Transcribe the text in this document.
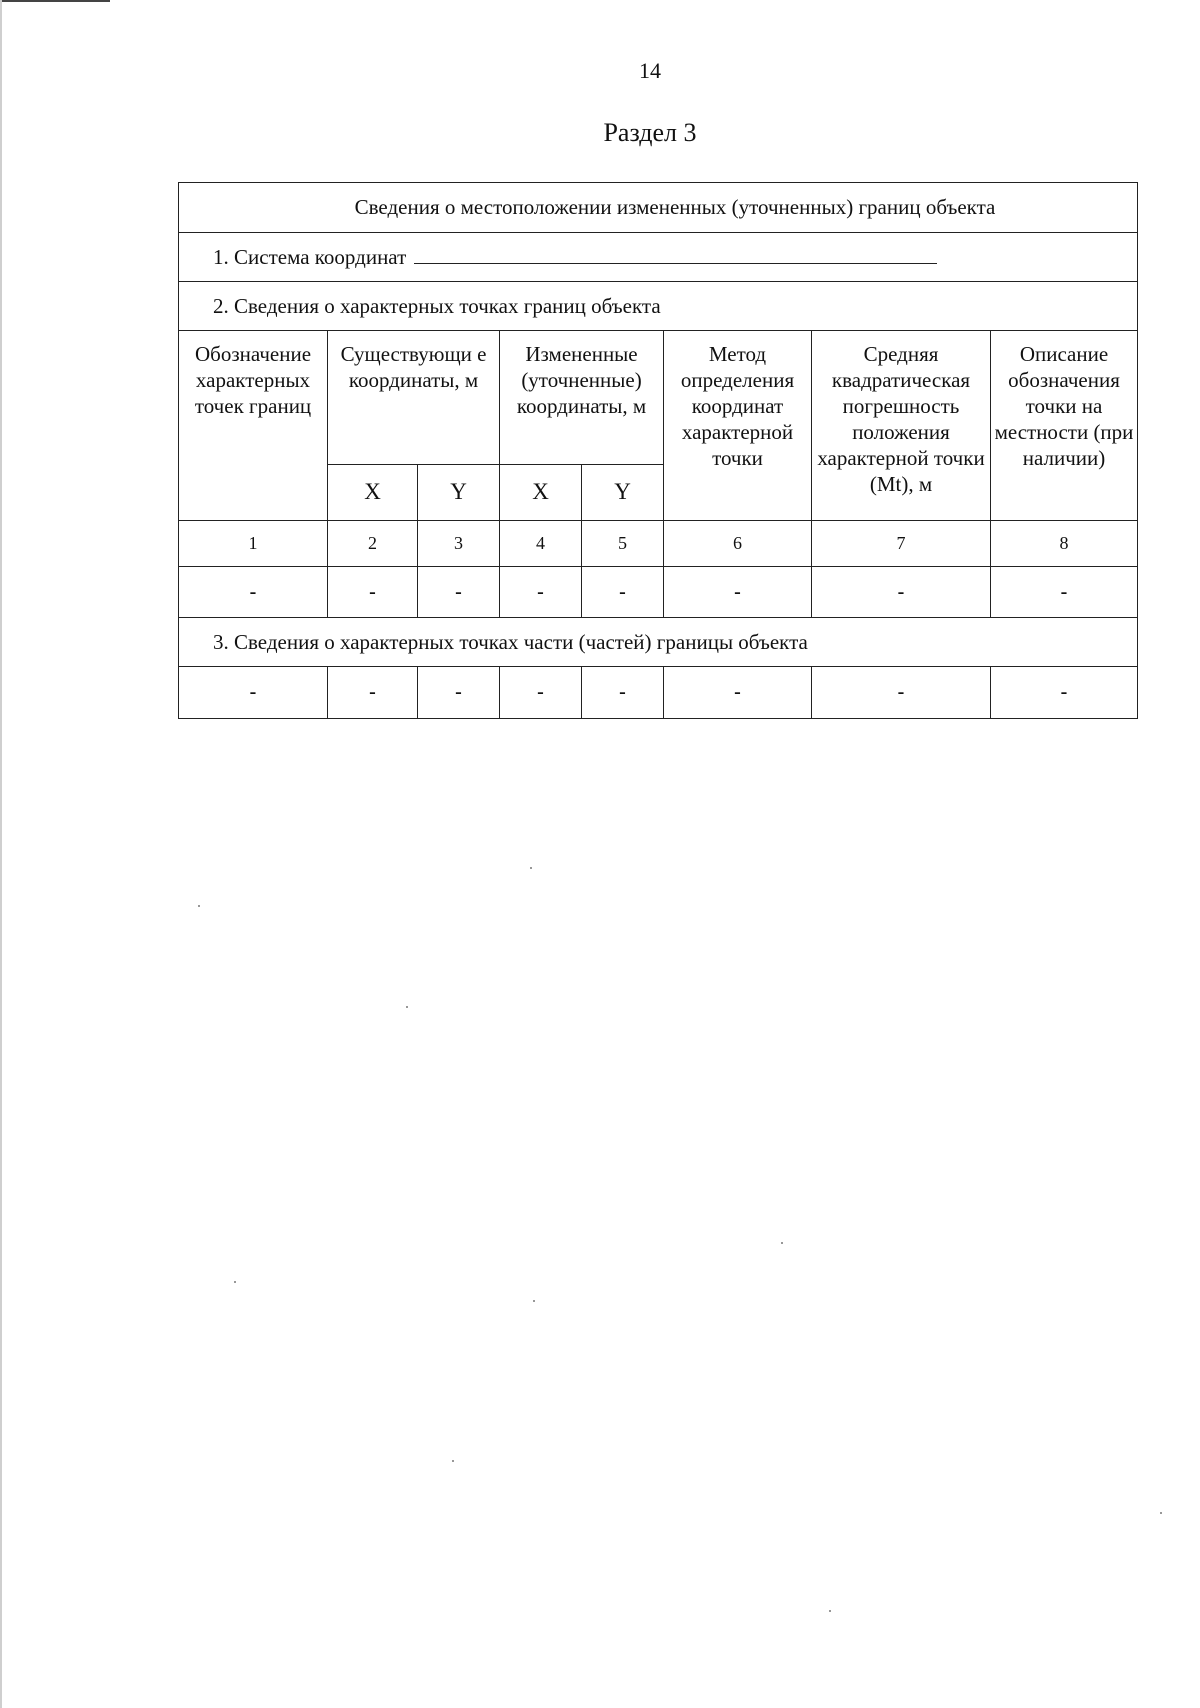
14
Раздел 3
Сведения о местоположении измененных (уточненных) границ объекта							
1. Система координат							
2. Сведения о характерных точках границ объекта							
Обозначение характерных точек границ	Существующи е координаты, м		Измененные (уточненные) координаты, м		Метод определения координат характерной точки	Средняя квадратическая погрешность положения характерной точки (Mt), м	Описание обозначения точки на местности (при наличии)
	X	Y	X	Y			
1	2	3	4	5	6	7	8
-	-	-	-	-	-	-	-
3. Сведения о характерных точках части (частей) границы объекта							
-	-	-	-	-	-	-	-
